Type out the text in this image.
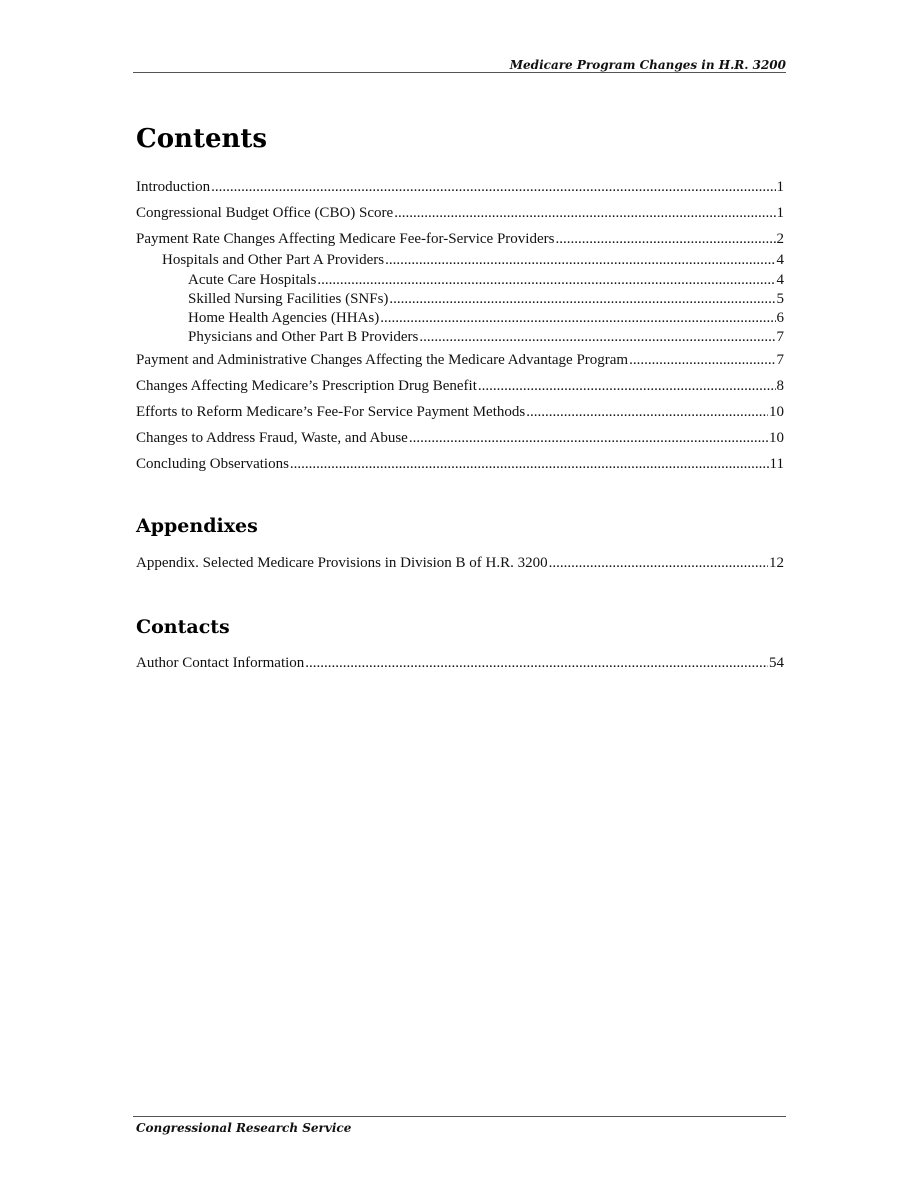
Medicare Program Changes in H.R. 3200
Contents
Introduction .....	1
Congressional Budget Office (CBO) Score .....	1
Payment Rate Changes Affecting Medicare Fee-for-Service Providers .....	2
Hospitals and Other Part A Providers .....	4
Acute Care Hospitals .....	4
Skilled Nursing Facilities (SNFs) .....	5
Home Health Agencies (HHAs) .....	6
Physicians and Other Part B Providers .....	7
Payment and Administrative Changes Affecting the Medicare Advantage Program .....	7
Changes Affecting Medicare’s Prescription Drug Benefit .....	8
Efforts to Reform Medicare’s Fee-For Service Payment Methods .....	10
Changes to Address Fraud, Waste, and Abuse .....	10
Concluding Observations .....	11
Appendixes
Appendix. Selected Medicare Provisions in Division B of H.R. 3200 .....	12
Contacts
Author Contact Information .....	54
Congressional Research Service
